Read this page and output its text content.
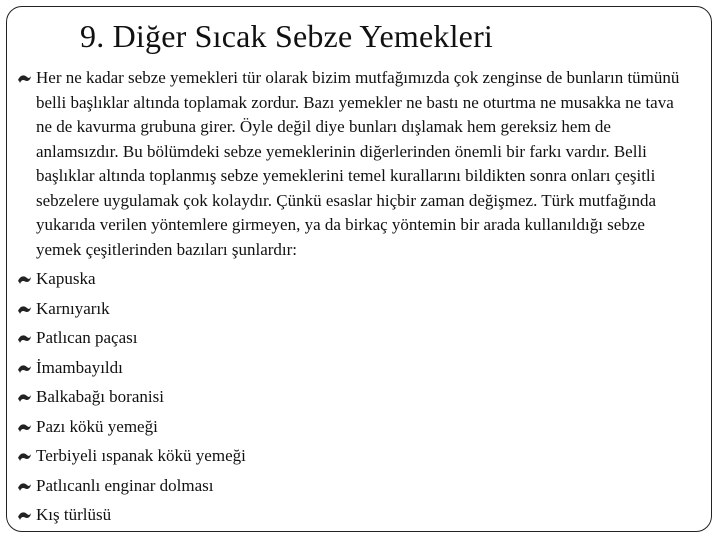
9. Diğer Sıcak Sebze Yemekleri
Her ne kadar sebze yemekleri tür olarak bizim mutfağımızda çok zenginse de bunların tümünü belli başlıklar altında toplamak zordur. Bazı yemekler ne bastı ne oturtma ne musakka ne tava ne de kavurma grubuna girer. Öyle değil diye bunları dışlamak hem gereksiz hem de anlamsızdır. Bu bölümdeki sebze yemeklerinin diğerlerinden önemli bir farkı vardır. Belli başlıklar altında toplanmış sebze yemeklerini temel kurallarını bildikten sonra onları çeşitli sebzelere uygulamak çok kolaydır. Çünkü esaslar hiçbir zaman değişmez. Türk mutfağında yukarıda verilen yöntemlere girmeyen, ya da birkaç yöntemin bir arada kullanıldığı sebze yemek çeşitlerinden bazıları şunlardır:
Kapuska
Karnıyarık
Patlıcan paçası
İmambayıldı
Balkabağı boranisi
Pazı kökü yemeği
Terbiyeli ıspanak kökü yemeği
Patlıcanlı enginar dolması
Kış türlüsü
